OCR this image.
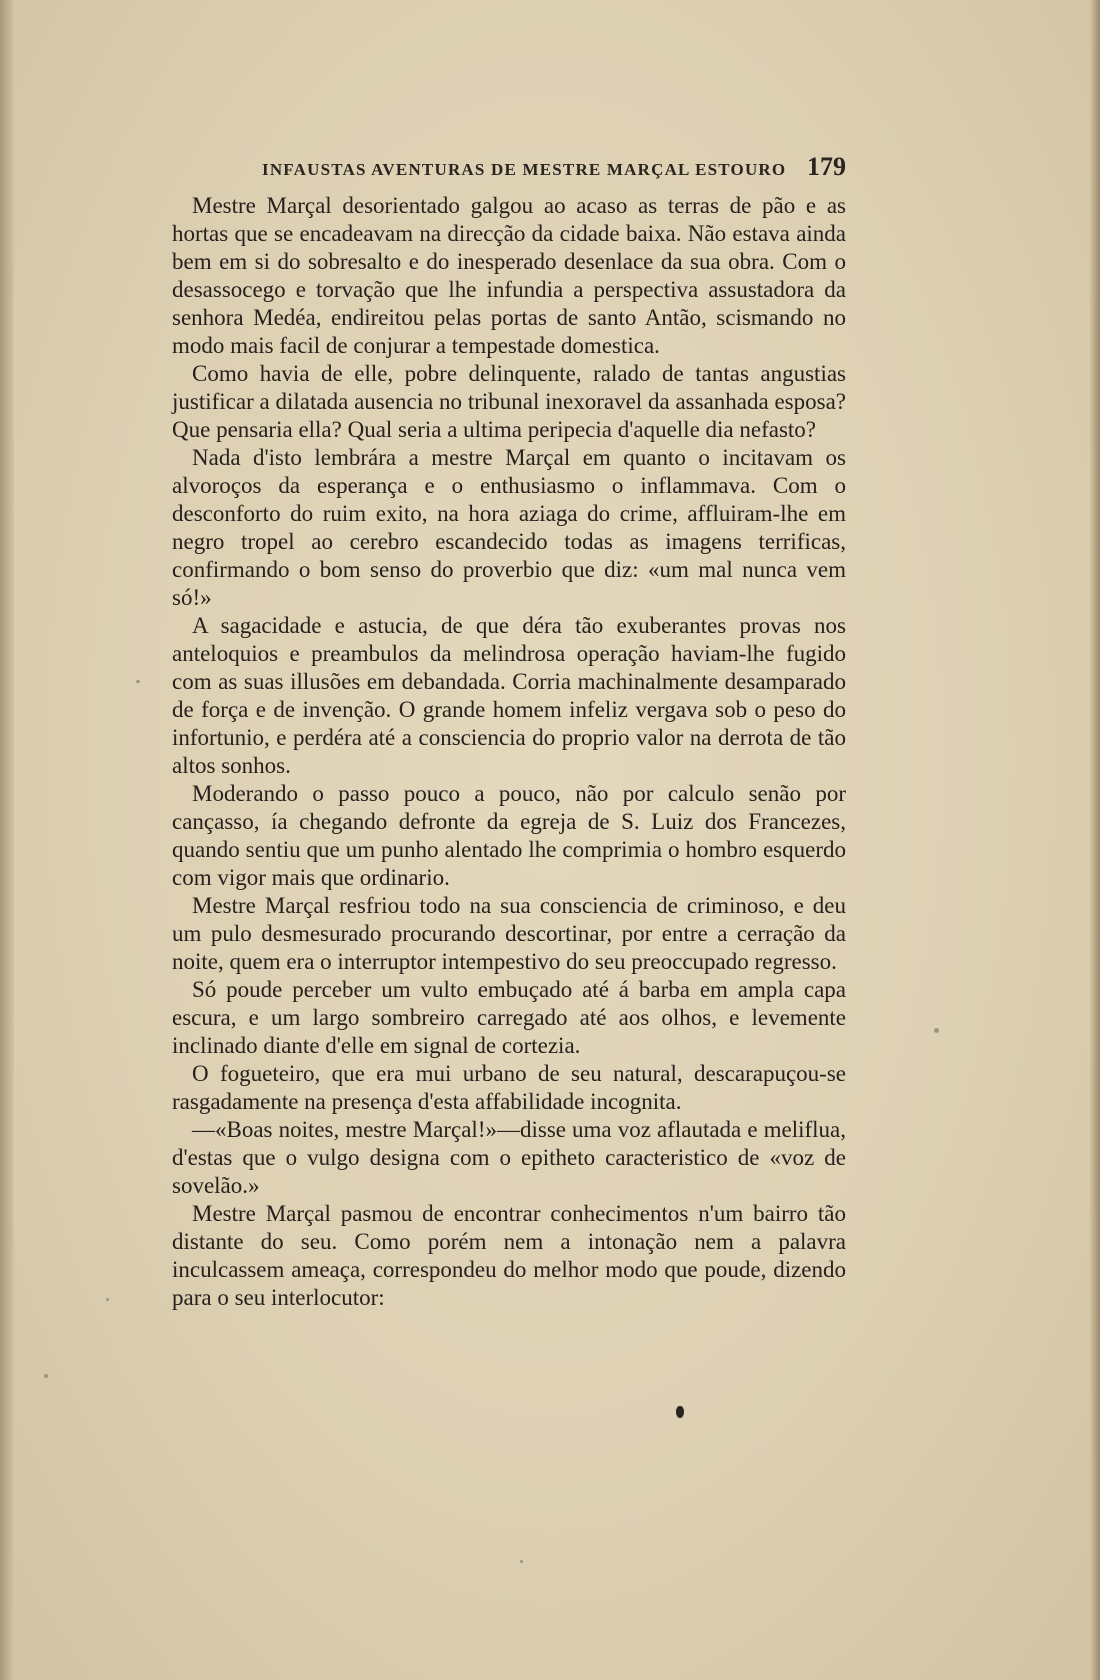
INFAUSTAS AVENTURAS DE MESTRE MARÇAL ESTOURO 179

Mestre Marçal desorientado galgou ao acaso as terras de pão e as hortas que se encadeavam na direcção da cidade baixa. Não estava ainda bem em si do sobresalto e do inesperado desenlace da sua obra. Com o desassocego e torvação que lhe infundia a perspectiva assustadora da senhora Medéa, endireitou pelas portas de santo Antão, scismando no modo mais facil de conjurar a tempestade domestica.

Como havia de elle, pobre delinquente, ralado de tantas angustias justificar a dilatada ausencia no tribunal inexoravel da assanhada esposa? Que pensaria ella? Qual seria a ultima peripecia d'aquelle dia nefasto?

Nada d'isto lembrára a mestre Marçal em quanto o incitavam os alvoroços da esperança e o enthusiasmo o inflammava. Com o desconforto do ruim exito, na hora aziaga do crime, affluiram-lhe em negro tropel ao cerebro escandecido todas as imagens terrificas, confirmando o bom senso do proverbio que diz: «um mal nunca vem só!»

A sagacidade e astucia, de que déra tão exuberantes provas nos anteloquios e preambulos da melindrosa operação haviam-lhe fugido com as suas illusões em debandada. Corria machinalmente desamparado de força e de invenção. O grande homem infeliz vergava sob o peso do infortunio, e perdéra até a consciencia do proprio valor na derrota de tão altos sonhos.

Moderando o passo pouco a pouco, não por calculo senão por cançasso, ía chegando defronte da egreja de S. Luiz dos Francezes, quando sentiu que um punho alentado lhe comprimia o hombro esquerdo com vigor mais que ordinario.

Mestre Marçal resfriou todo na sua consciencia de criminoso, e deu um pulo desmesurado procurando descortinar, por entre a cerração da noite, quem era o interruptor intempestivo do seu preoccupado regresso.

Só poude perceber um vulto embuçado até á barba em ampla capa escura, e um largo sombreiro carregado até aos olhos, e levemente inclinado diante d'elle em signal de cortezia.

O fogueteiro, que era mui urbano de seu natural, descarapuçou-se rasgadamente na presença d'esta affabilidade incognita.

—«Boas noites, mestre Marçal!»—disse uma voz aflautada e meliflua, d'estas que o vulgo designa com o epitheto caracteristico de «voz de sovelão.»

Mestre Marçal pasmou de encontrar conhecimentos n'um bairro tão distante do seu. Como porém nem a intonação nem a palavra inculcassem ameaça, correspondeu do melhor modo que poude, dizendo para o seu interlocutor:
